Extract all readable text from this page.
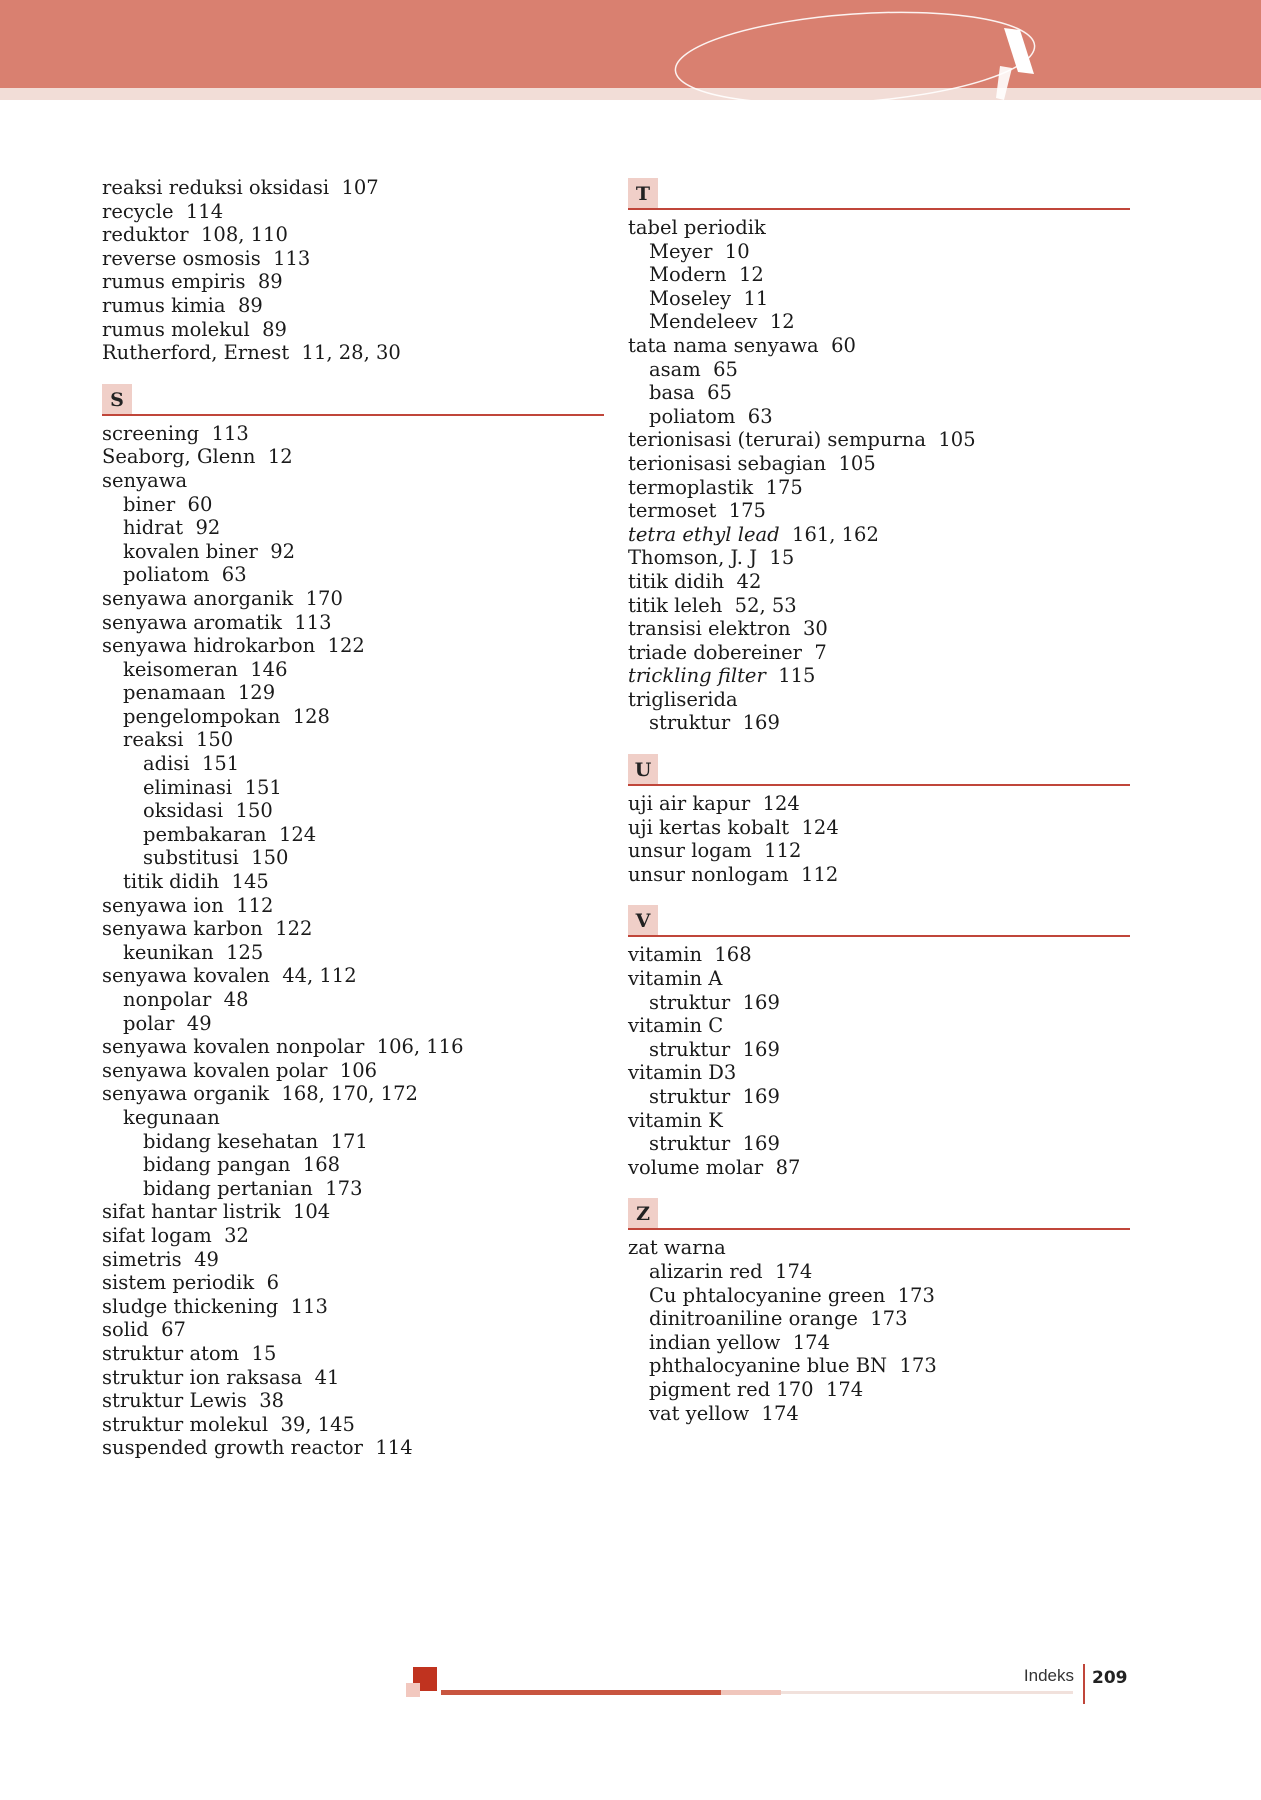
reaksi reduksi oksidasi  107
recycle  114
reduktor  108, 110
reverse osmosis  113
rumus empiris  89
rumus kimia  89
rumus molekul  89
Rutherford, Ernest  11, 28, 30
S
screening  113
Seaborg, Glenn  12
senyawa
biner  60
hidrat  92
kovalen biner  92
poliatom  63
senyawa anorganik  170
senyawa aromatik  113
senyawa hidrokarbon  122
keisomeran  146
penamaan  129
pengelompokan  128
reaksi  150
adisi  151
eliminasi  151
oksidasi  150
pembakaran  124
substitusi  150
titik didih  145
senyawa ion  112
senyawa karbon  122
keunikan  125
senyawa kovalen  44, 112
nonpolar  48
polar  49
senyawa kovalen nonpolar  106, 116
senyawa kovalen polar  106
senyawa organik  168, 170, 172
kegunaan
bidang kesehatan  171
bidang pangan  168
bidang pertanian  173
sifat hantar listrik  104
sifat logam  32
simetris  49
sistem periodik  6
sludge thickening  113
solid  67
struktur atom  15
struktur ion raksasa  41
struktur Lewis  38
struktur molekul  39, 145
suspended growth reactor  114
T
tabel periodik
Meyer  10
Modern  12
Moseley  11
Mendeleev  12
tata nama senyawa  60
asam  65
basa  65
poliatom  63
terionisasi (terurai) sempurna  105
terionisasi sebagian  105
termoplastik  175
termoset  175
tetra ethyl lead  161, 162
Thomson, J. J  15
titik didih  42
titik leleh  52, 53
transisi elektron  30
triade dobereiner  7
trickling filter  115
trigliserida
struktur  169
U
uji air kapur  124
uji kertas kobalt  124
unsur logam  112
unsur nonlogam  112
V
vitamin  168
vitamin A
struktur  169
vitamin C
struktur  169
vitamin D3
struktur  169
vitamin K
struktur  169
volume molar  87
Z
zat warna
alizarin red  174
Cu phtalocyanine green  173
dinitroaniline orange  173
indian yellow  174
phthalocyanine blue BN  173
pigment red 170  174
vat yellow  174
Indeks 209
